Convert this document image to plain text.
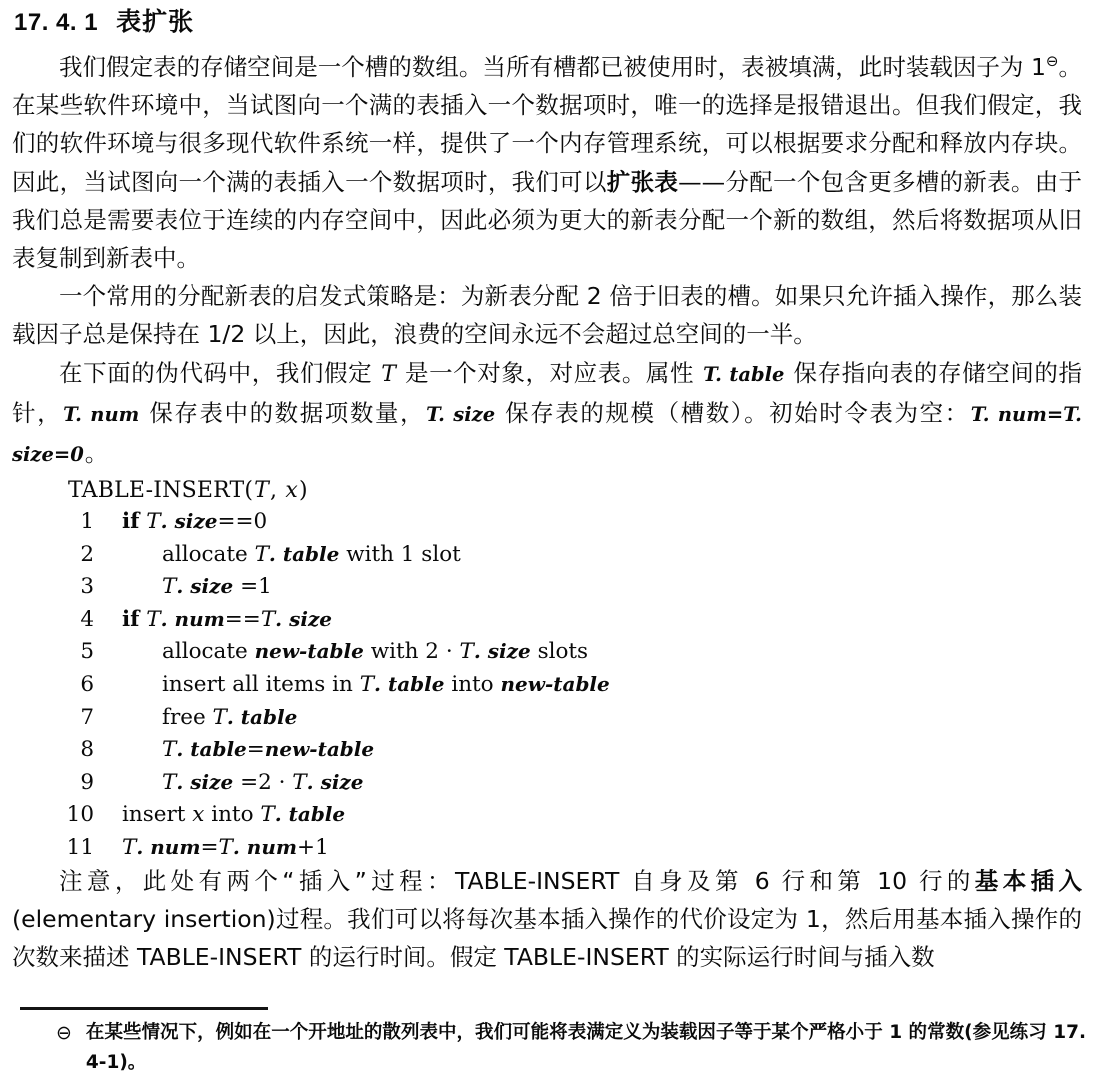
17. 4. 1 表扩张

我们假定表的存储空间是一个槽的数组。当所有槽都已被使用时，表被填满，此时装载因子为 1⊖。在某些软件环境中，当试图向一个满的表插入一个数据项时，唯一的选择是报错退出。但我们假定，我们的软件环境与很多现代软件系统一样，提供了一个内存管理系统，可以根据要求分配和释放内存块。因此，当试图向一个满的表插入一个数据项时，我们可以扩张表——分配一个包含更多槽的新表。由于我们总是需要表位于连续的内存空间中，因此必须为更大的新表分配一个新的数组，然后将数据项从旧表复制到新表中。

一个常用的分配新表的启发式策略是：为新表分配 2 倍于旧表的槽。如果只允许插入操作，那么装载因子总是保持在 1/2 以上，因此，浪费的空间永远不会超过总空间的一半。

在下面的伪代码中，我们假定 T 是一个对象，对应表。属性 T. table 保存指向表的存储空间的指针，T. num 保存表中的数据项数量，T. size 保存表的规模（槽数）。初始时令表为空：T. num=T. size=0。

TABLE-INSERT(T, x)
1 if T. size==0
2	allocate T. table with 1 slot
3	T. size =1
4 if T. num==T. size
5	allocate new-table with 2 · T. size slots
6	insert all items in T. table into new-table
7	free T. table
8	T. table=new-table
9	T. size =2 · T. size
10 insert x into T. table
11 T. num=T. num+1

注意，此处有两个“插入”过程：TABLE-INSERT 自身及第 6 行和第 10 行的基本插入(elementary insertion)过程。我们可以将每次基本插入操作的代价设定为 1，然后用基本插入操作的次数来描述 TABLE-INSERT 的运行时间。假定 TABLE-INSERT 的实际运行时间与插入数

⊖ 在某些情况下，例如在一个开地址的散列表中，我们可能将表满定义为装载因子等于某个严格小于 1 的常数(参见练习 17. 4-1)。
